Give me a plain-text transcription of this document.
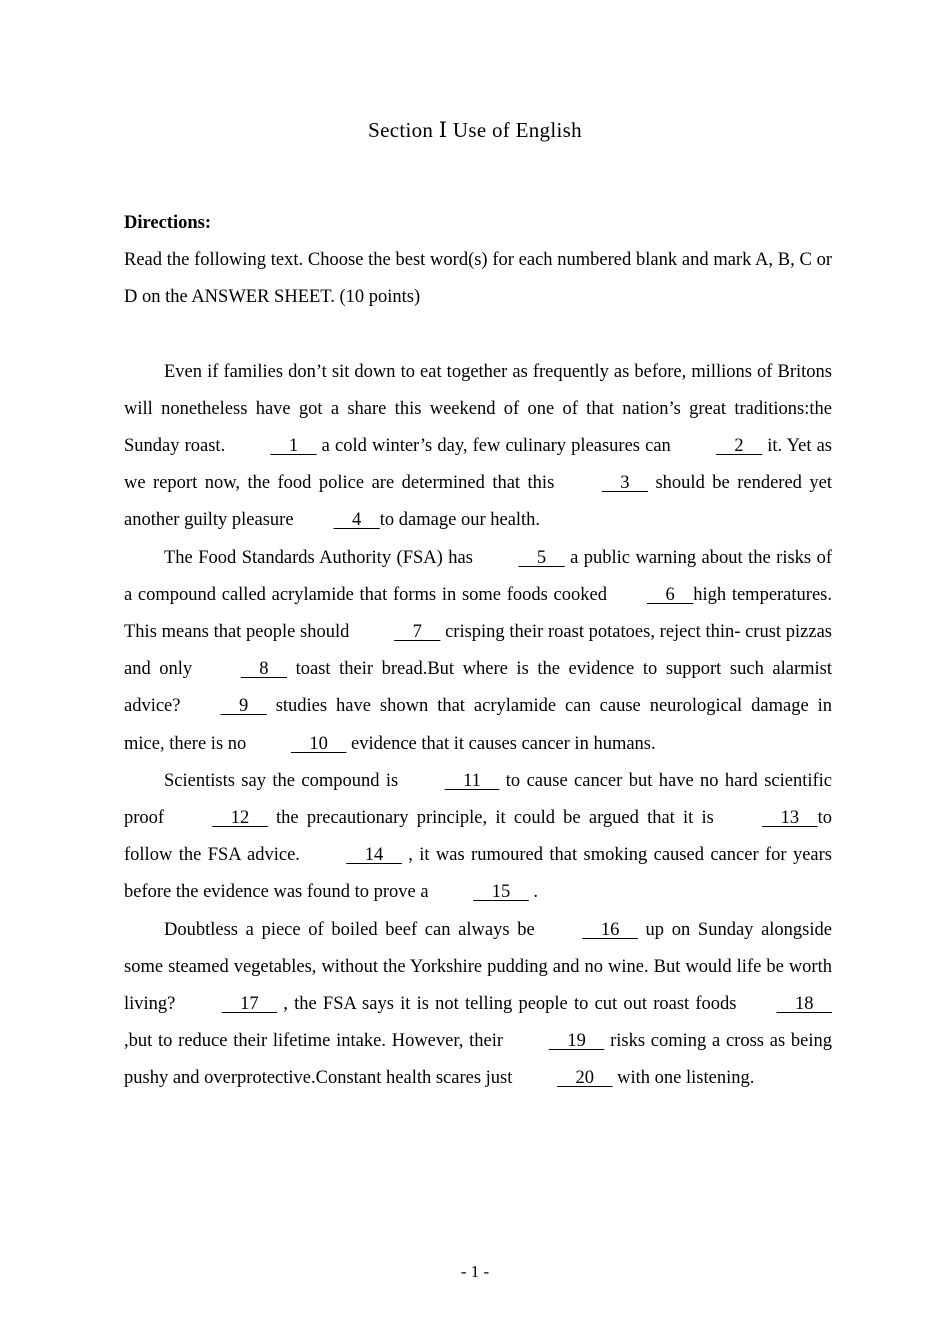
Section Ⅰ Use of English

Directions:

Read the following text. Choose the best word(s) for each numbered blank and mark A, B, C or D on the ANSWER SHEET. (10 points)

Even if families don’t sit down to eat together as frequently as before, millions of Britons will nonetheless have got a share this weekend of one of that nation’s great traditions:the Sunday roast.   1   a cold winter’s day, few culinary pleasures can   2   it. Yet as we report now, the food police are determined that this   3   should be rendered yet another guilty pleasure  4  to damage our health.

The Food Standards Authority (FSA) has   5   a public warning about the risks of a compound called acrylamide that forms in some foods cooked  6  high temperatures. This means that people should   7   crisping their roast potatoes, reject thin- crust pizzas and only   8   toast their bread.But where is the evidence to support such alarmist advice?  9   studies have shown that acrylamide can cause neurological damage in mice, there is no   10   evidence that it causes cancer in humans.

Scientists say the compound is   11   to cause cancer but have no hard scientific proof   12   the precautionary principle, it could be argued that it is   13  to follow the FSA advice.   14   , it was rumoured that smoking caused cancer for years before the evidence was found to prove a   15   .

Doubtless a piece of boiled beef can always be   16   up on Sunday alongside some steamed vegetables, without the Yorkshire pudding and no wine. But would life be worth living?   17   , the FSA says it is not telling people to cut out roast foods  18  ,but to reduce their lifetime intake. However, their   19   risks coming a cross as being pushy and overprotective.Constant health scares just   20   with one listening.

- 1 -
